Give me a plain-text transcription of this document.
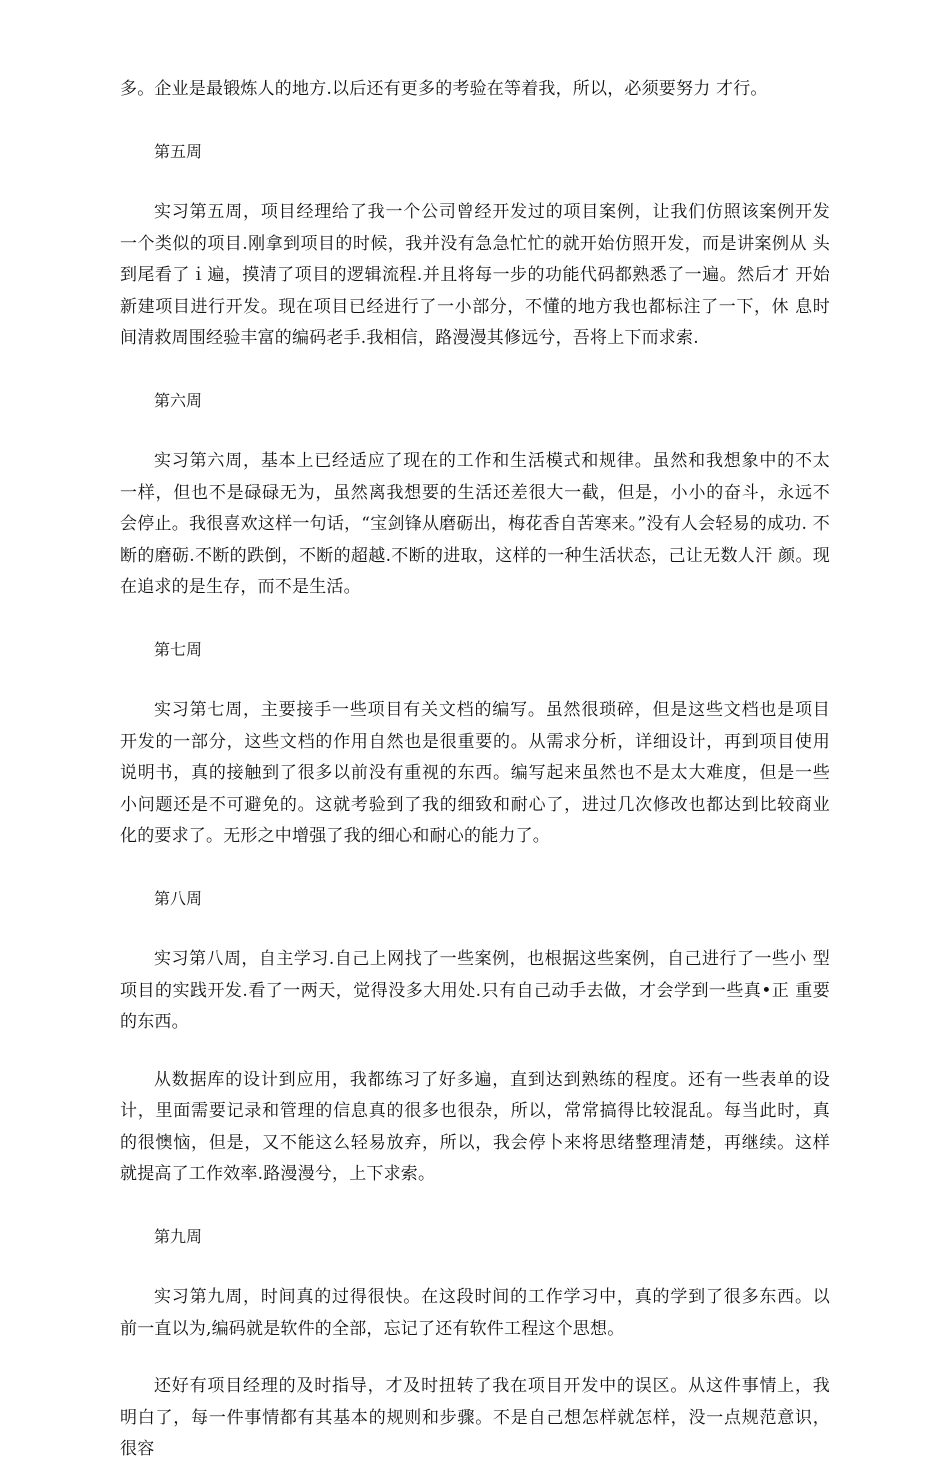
多。企业是最锻炼人的地方.以后还有更多的考验在等着我，所以，必须要努力 才行。

第五周

实习第五周，项目经理给了我一个公司曾经开发过的项目案例，让我们仿照该案例开发 一个类似的项目.刚拿到项目的时候，我并没有急急忙忙的就开始仿照开发，而是讲案例从 头到尾看了ｉ遍，摸清了项目的逻辑流程.并且将每一步的功能代码都熟悉了一遍。然后才 开始新建项目进行开发。现在项目已经进行了一小部分，不懂的地方我也都标注了一下，休 息时间清救周围经验丰富的编码老手.我相信，路漫漫其修远兮，吾将上下而求索.

第六周

实习第六周，基本上已经适应了现在的工作和生活模式和规律。虽然和我想象中的不太 一样，但也不是碌碌无为，虽然离我想要的生活还差很大一截，但是，小小的奋斗，永远不 会停止。我很喜欢这样一句话，“宝剑锋从磨砺出，梅花香自苦寒来。”没有人会轻易的成功. 不断的磨砺.不断的跌倒，不断的超越.不断的进取，这样的一种生活状态，己让无数人汗 颜。现在追求的是生存，而不是生活。

第七周

实习第七周，主要接手一些项目有关文档的编写。虽然很琐碎，但是这些文档也是项目 开发的一部分，这些文档的作用自然也是很重要的。从需求分析，详细设计，再到项目使用 说明书，真的接触到了很多以前没有重视的东西。编写起来虽然也不是太大难度，但是一些 小问题还是不可避免的。这就考验到了我的细致和耐心了，进过几次修改也都达到比较商业 化的要求了。无形之中增强了我的细心和耐心的能力了。

第八周

实习第八周，自主学习.自己上网找了一些案例，也根据这些案例，自己进行了一些小 型项目的实践开发.看了一两天，觉得没多大用处.只有自己动手去做，才会学到一些真•正 重要的东西。

从数据库的设计到应用，我都练习了好多遍，直到达到熟练的程度。还有一些表单的设 计，里面需要记录和管理的信息真的很多也很杂，所以，常常搞得比较混乱。每当此时，真 的很懊恼，但是，又不能这么轻易放弃，所以，我会停卜来将思绪整理清楚，再继续。这样 就提高了工作效率.路漫漫兮，上下求索。

第九周

实习第九周，时间真的过得很快。在这段时间的工作学习中，真的学到了很多东西。以 前一直以为,编码就是软件的全部，忘记了还有软件工程这个思想。

还好有项目经理的及时指导，才及时扭转了我在项目开发中的误区。从这件事情上，我 明白了，每一件事情都有其基本的规则和步骤。不是自己想怎样就怎样，没一点规范意识， 很容
